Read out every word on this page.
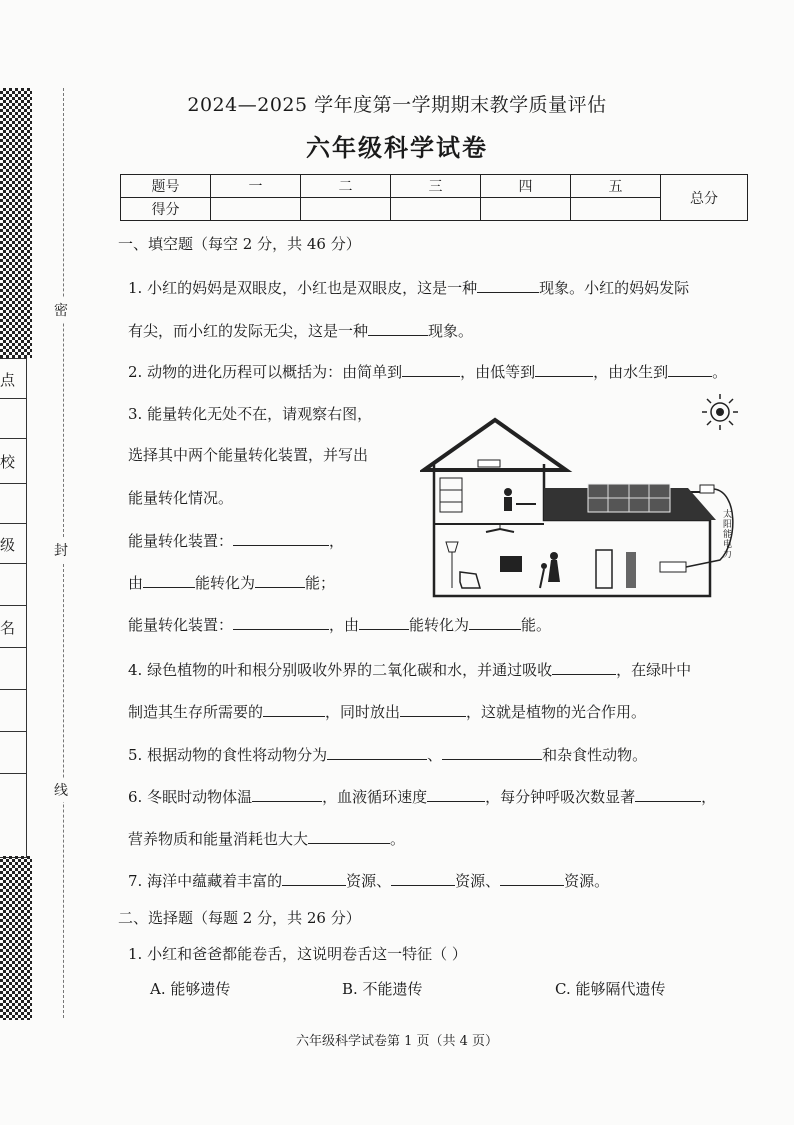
点
校
级
名
密
封
线
2024—2025 学年度第一学期期末教学质量评估
六年级科学试卷
题号	一	二	三	四	五	总分
得分						
一、填空题（每空 2 分，共 46 分）
1. 小红的妈妈是双眼皮，小红也是双眼皮，这是一种	现象。小红的妈妈发际
有尖，而小红的发际无尖，这是一种	现象。
2. 动物的进化历程可以概括为：由简单到	，由低等到	，由水生到	。
3. 能量转化无处不在，请观察右图，
选择其中两个能量转化装置，并写出
能量转化情况。
能量转化装置：	，
由	能转化为	能；
能量转化装置：	，由	能转化为	能。
太阳能电力
4. 绿色植物的叶和根分别吸收外界的二氧化碳和水，并通过吸收	，在绿叶中
制造其生存所需要的	，同时放出	，这就是植物的光合作用。
5. 根据动物的食性将动物分为	、	和杂食性动物。
6. 冬眠时动物体温	，血液循环速度	，每分钟呼吸次数显著	，
营养物质和能量消耗也大大	。
7. 海洋中蕴藏着丰富的	资源、	资源、	资源。
二、选择题（每题 2 分，共 26 分）
1. 小红和爸爸都能卷舌，这说明卷舌这一特征（ ）
A. 能够遗传	B. 不能遗传	C. 能够隔代遗传
六年级科学试卷第 1 页（共 4 页）
